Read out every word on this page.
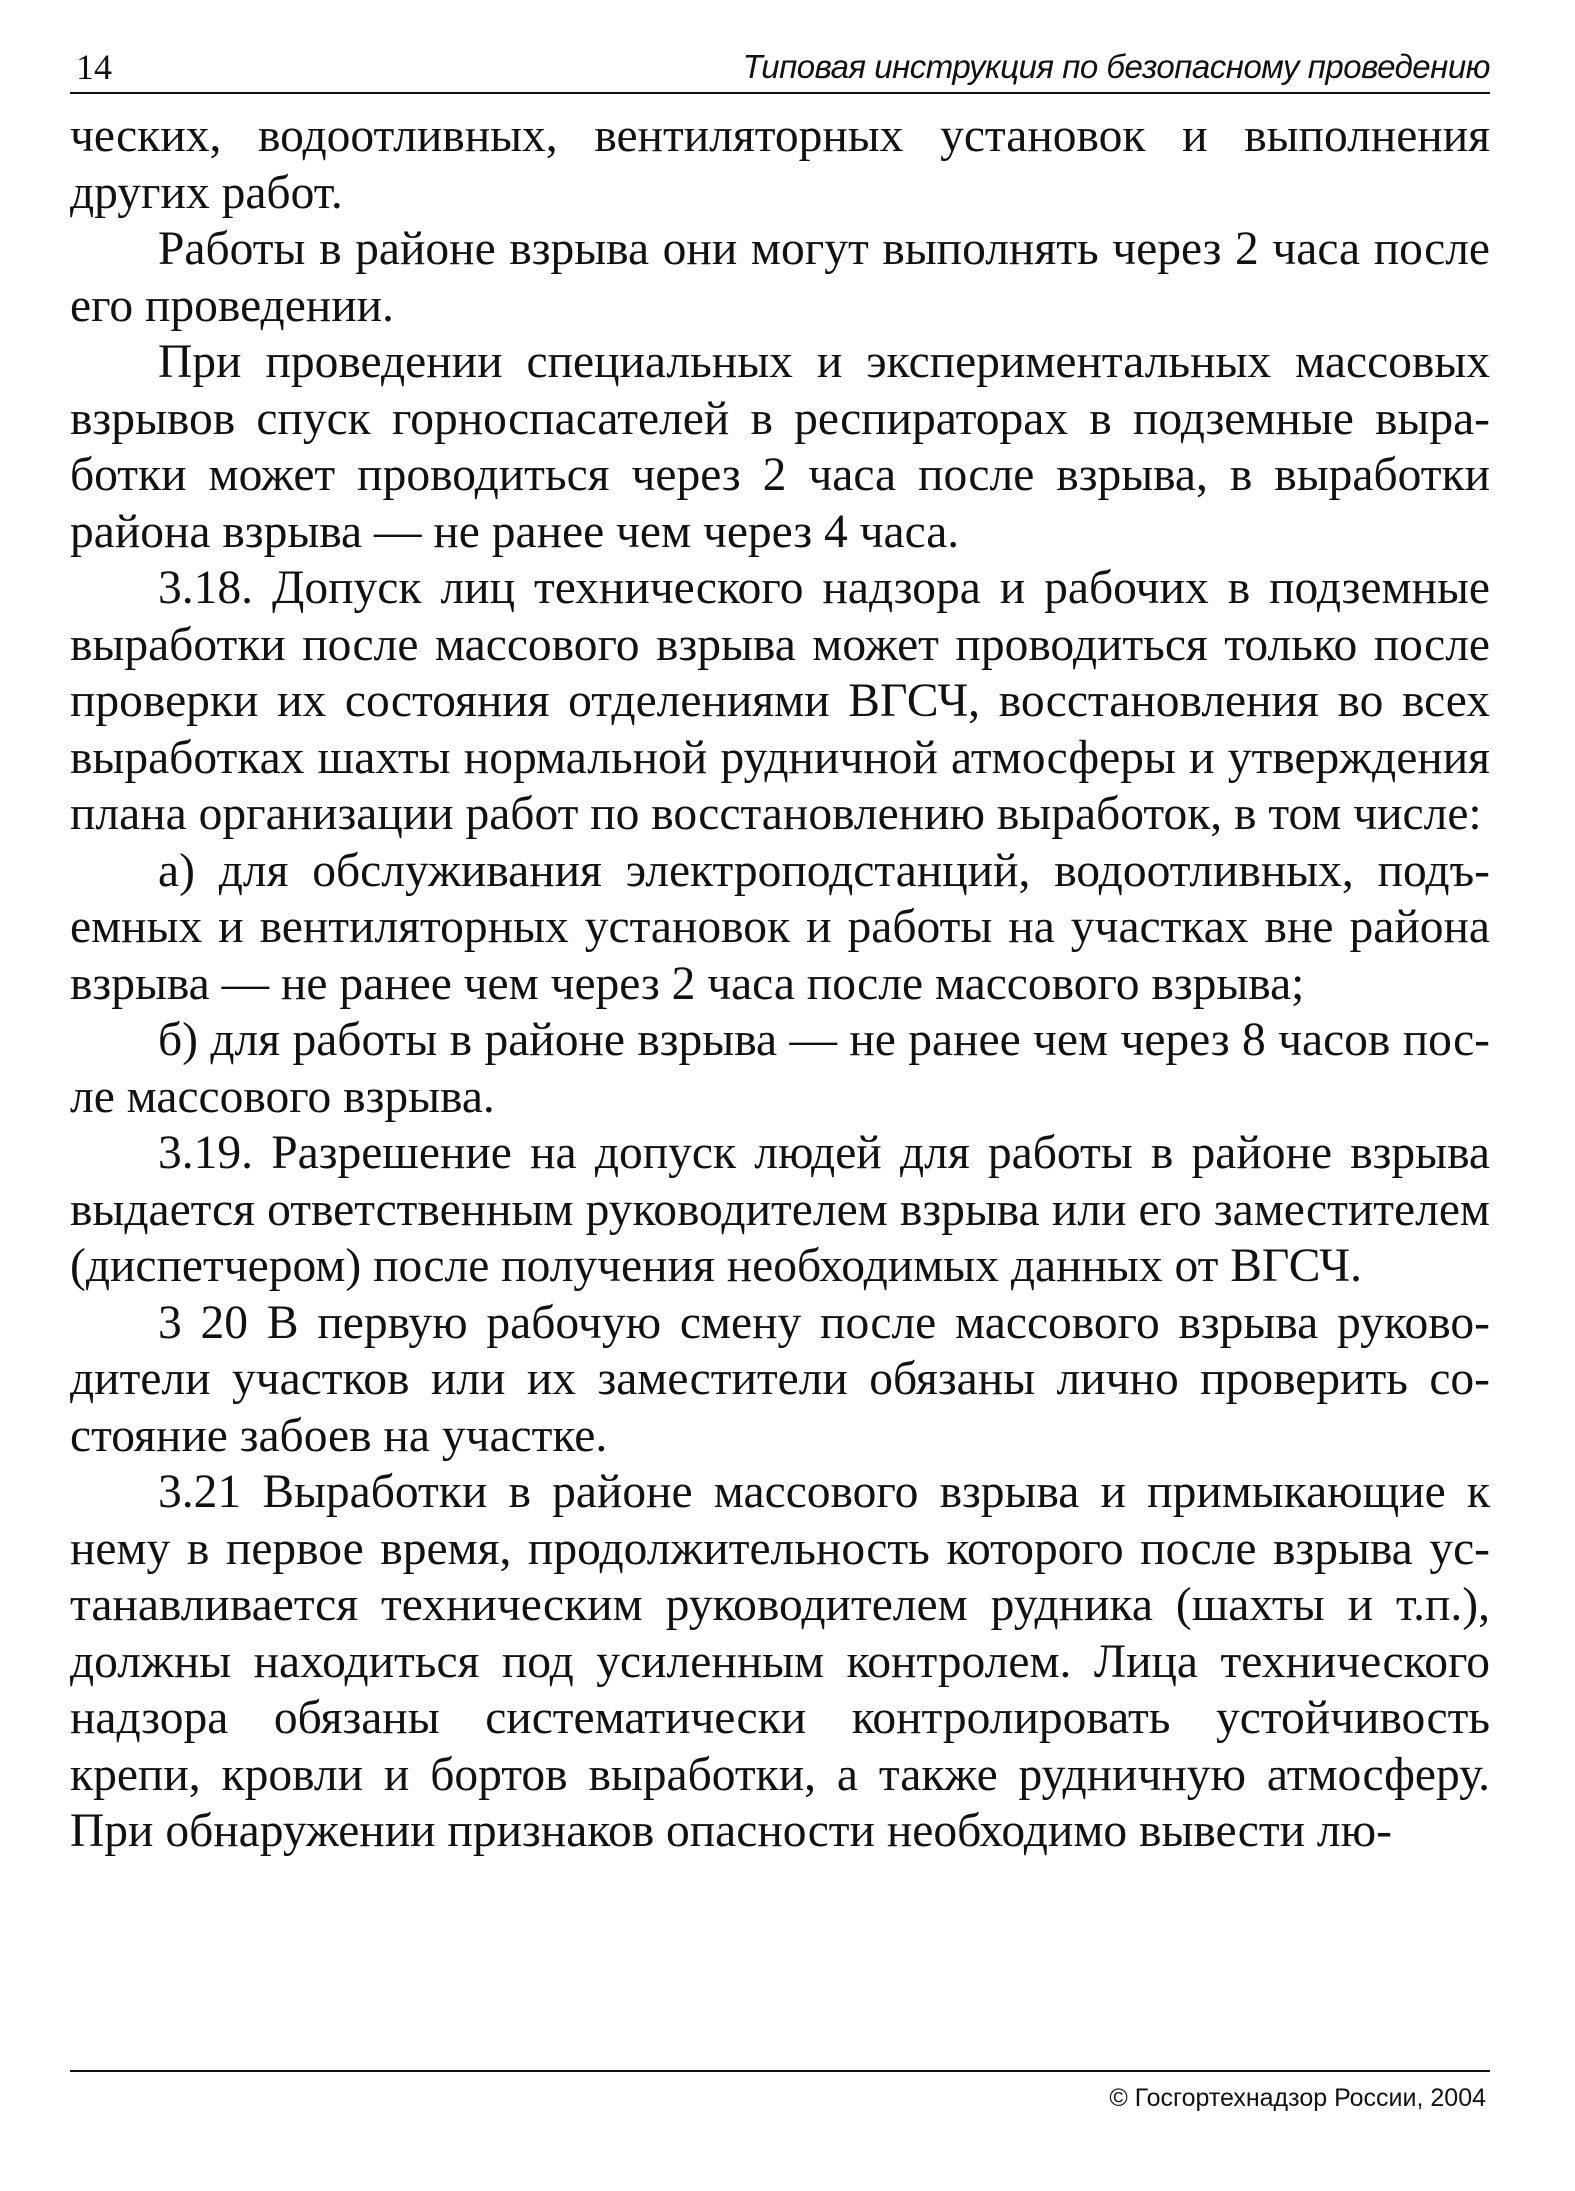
14	Типовая инструкция по безопасному проведению

ческих, водоотливных, вентиляторных установок и выполнения других работ.

Работы в районе взрыва они могут выполнять через 2 часа после его проведении.

При проведении специальных и экспериментальных массовых взрывов спуск горноспасателей в респираторах в подземные выработки может проводиться через 2 часа после взрыва, в выработки района взрыва — не ранее чем через 4 часа.

3.18. Допуск лиц технического надзора и рабочих в подземные выработки после массового взрыва может проводиться только после проверки их состояния отделениями ВГСЧ, восстановления во всех выработках шахты нормальной рудничной атмосферы и утверждения плана организации работ по восстановлению выработок, в том числе:

а) для обслуживания электроподстанций, водоотливных, подъемных и вентиляторных установок и работы на участках вне района взрыва — не ранее чем через 2 часа после массового взрыва;

б) для работы в районе взрыва — не ранее чем через 8 часов после массового взрыва.

3.19. Разрешение на допуск людей для работы в районе взрыва выдается ответственным руководителем взрыва или его заместителем (диспетчером) после получения необходимых данных от ВГСЧ.

3 20 В первую рабочую смену после массового взрыва руководители участков или их заместители обязаны лично проверить состояние забоев на участке.

3.21 Выработки в районе массового взрыва и примыкающие к нему в первое время, продолжительность которого после взрыва устанавливается техническим руководителем рудника (шахты и т.п.), должны находиться под усиленным контролем. Лица технического надзора обязаны систематически контролировать устойчивость крепи, кровли и бортов выработки, а также рудничную атмосферу. При обнаружении признаков опасности необходимо вывести лю-

© Госгортехнадзор России, 2004
